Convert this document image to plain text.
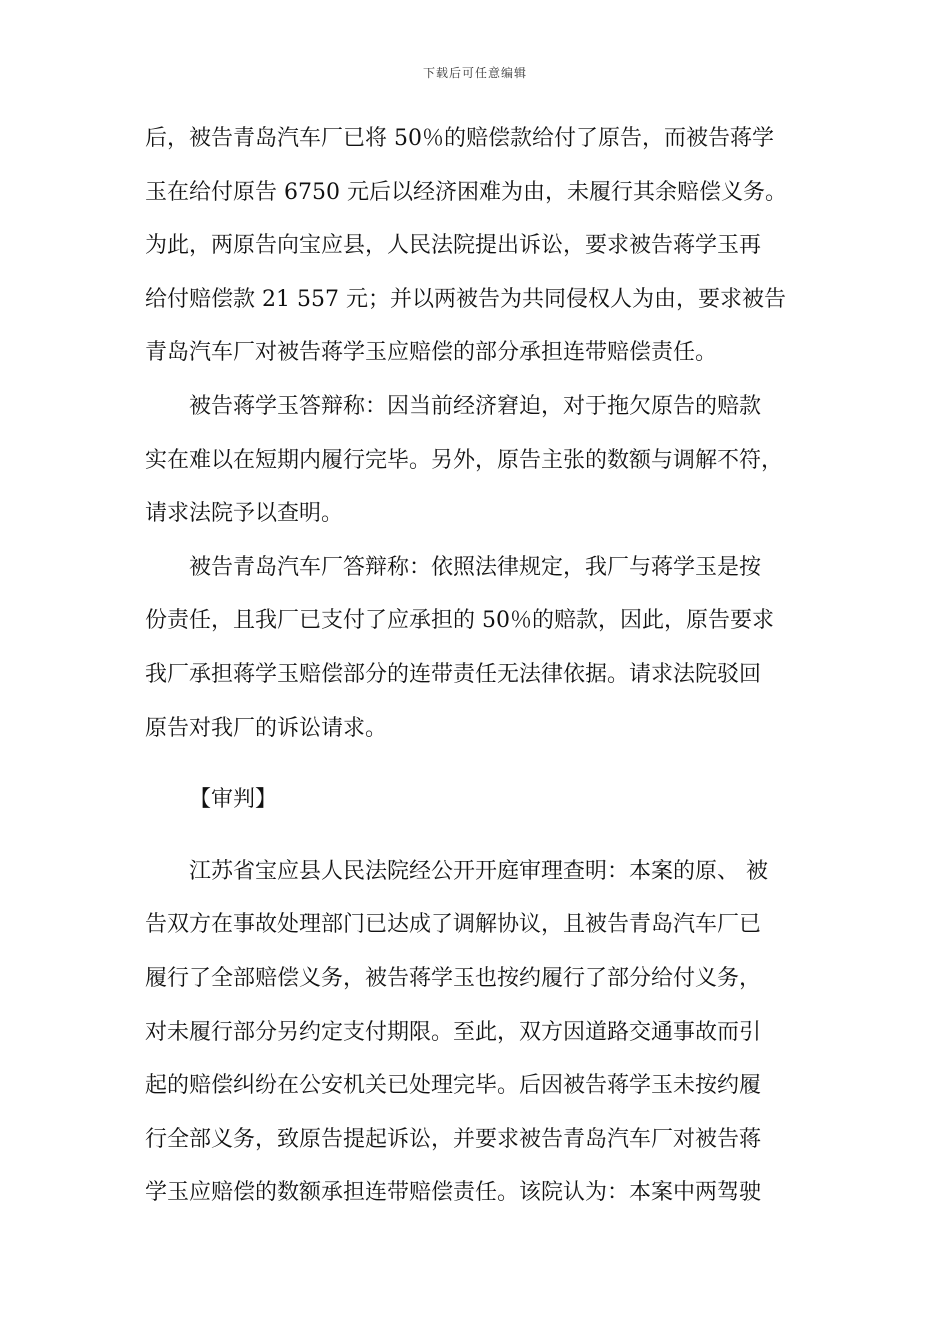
下载后可任意编辑
后，被告青岛汽车厂已将 50％的赔偿款给付了原告，而被告蒋学
玉在给付原告 6750 元后以经济困难为由，未履行其余赔偿义务。
为此，两原告向宝应县，人民法院提出诉讼，要求被告蒋学玉再
给付赔偿款 21 557 元；并以两被告为共同侵权人为由，要求被告
青岛汽车厂对被告蒋学玉应赔偿的部分承担连带赔偿责任。
被告蒋学玉答辩称：因当前经济窘迫，对于拖欠原告的赔款
实在难以在短期内履行完毕。另外，原告主张的数额与调解不符，
请求法院予以查明。
被告青岛汽车厂答辩称：依照法律规定，我厂与蒋学玉是按
份责任，且我厂已支付了应承担的 50％的赔款，因此，原告要求
我厂承担蒋学玉赔偿部分的连带责任无法律依据。请求法院驳回
原告对我厂的诉讼请求。
【审判】
江苏省宝应县人民法院经公开开庭审理查明：本案的原、 被
告双方在事故处理部门已达成了调解协议，且被告青岛汽车厂已
履行了全部赔偿义务，被告蒋学玉也按约履行了部分给付义务，
对未履行部分另约定支付期限。至此，双方因道路交通事故而引
起的赔偿纠纷在公安机关已处理完毕。后因被告蒋学玉未按约履
行全部义务，致原告提起诉讼，并要求被告青岛汽车厂对被告蒋
学玉应赔偿的数额承担连带赔偿责任。该院认为：本案中两驾驶
